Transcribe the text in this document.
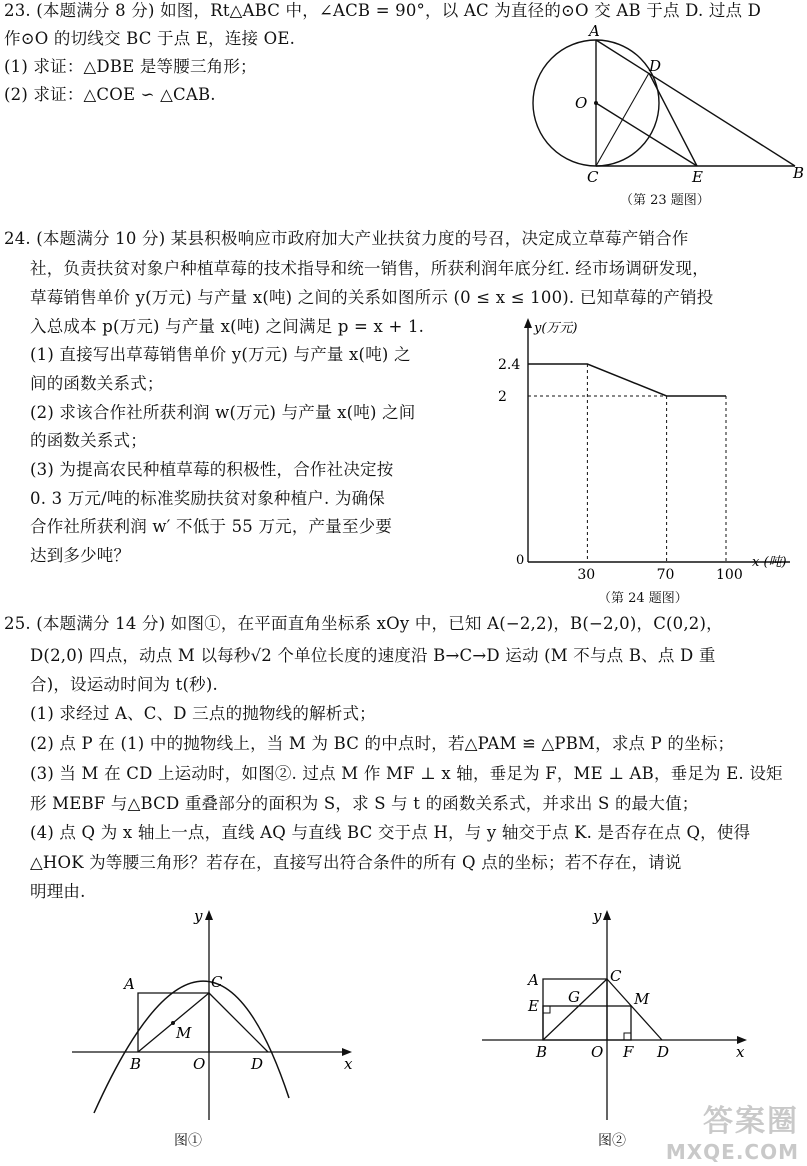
23. (本题满分 8 分) 如图，Rt△ABC 中，∠ACB = 90°，以 AC 为直径的⊙O 交 AB 于点 D. 过点 D
作⊙O 的切线交 BC 于点 E，连接 OE.
(1) 求证：△DBE 是等腰三角形；
(2) 求证：△COE ∽ △CAB.
A
D
O
C	E	B
（第 23 题图）
24. (本题满分 10 分) 某县积极响应市政府加大产业扶贫力度的号召，决定成立草莓产销合作
社，负责扶贫对象户种植草莓的技术指导和统一销售，所获利润年底分红. 经市场调研发现，
草莓销售单价 y(万元) 与产量 x(吨) 之间的关系如图所示 (0 ≤ x ≤ 100). 已知草莓的产销投
入总成本 p(万元) 与产量 x(吨) 之间满足 p = x + 1.
(1) 直接写出草莓销售单价 y(万元) 与产量 x(吨) 之
间的函数关系式；
(2) 求该合作社所获利润 w(万元) 与产量 x(吨) 之间
的函数关系式；
(3) 为提高农民种植草莓的积极性，合作社决定按
0. 3 万元/吨的标准奖励扶贫对象种植户. 为确保
合作社所获利润 w′ 不低于 55 万元，产量至少要
达到多少吨？
y(万元)
x (吨)
0
30	70	100
2.4
2
（第 24 题图）
25. (本题满分 14 分) 如图①，在平面直角坐标系 xOy 中，已知 A(−2,2)，B(−2,0)，C(0,2)，
D(2,0) 四点，动点 M 以每秒√2 个单位长度的速度沿 B→C→D 运动 (M 不与点 B、点 D 重
合)，设运动时间为 t(秒).
(1) 求经过 A、C、D 三点的抛物线的解析式；
(2) 点 P 在 (1) 中的抛物线上，当 M 为 BC 的中点时，若△PAM ≌ △PBM，求点 P 的坐标；
(3) 当 M 在 CD 上运动时，如图②. 过点 M 作 MF ⊥ x 轴，垂足为 F，ME ⊥ AB，垂足为 E. 设矩
形 MEBF 与△BCD 重叠部分的面积为 S，求 S 与 t 的函数关系式，并求出 S 的最大值；
(4) 点 Q 为 x 轴上一点，直线 AQ 与直线 BC 交于点 H，与 y 轴交于点 K. 是否存在点 Q，使得
△HOK 为等腰三角形？若存在，直接写出符合条件的所有 Q 点的坐标；若不存在，请说
明理由.
y
A	C
M
B	O	D	x
图①
y
A	C
E G	M
B	O F D	x
图②
答案圈
MXQE.COM
